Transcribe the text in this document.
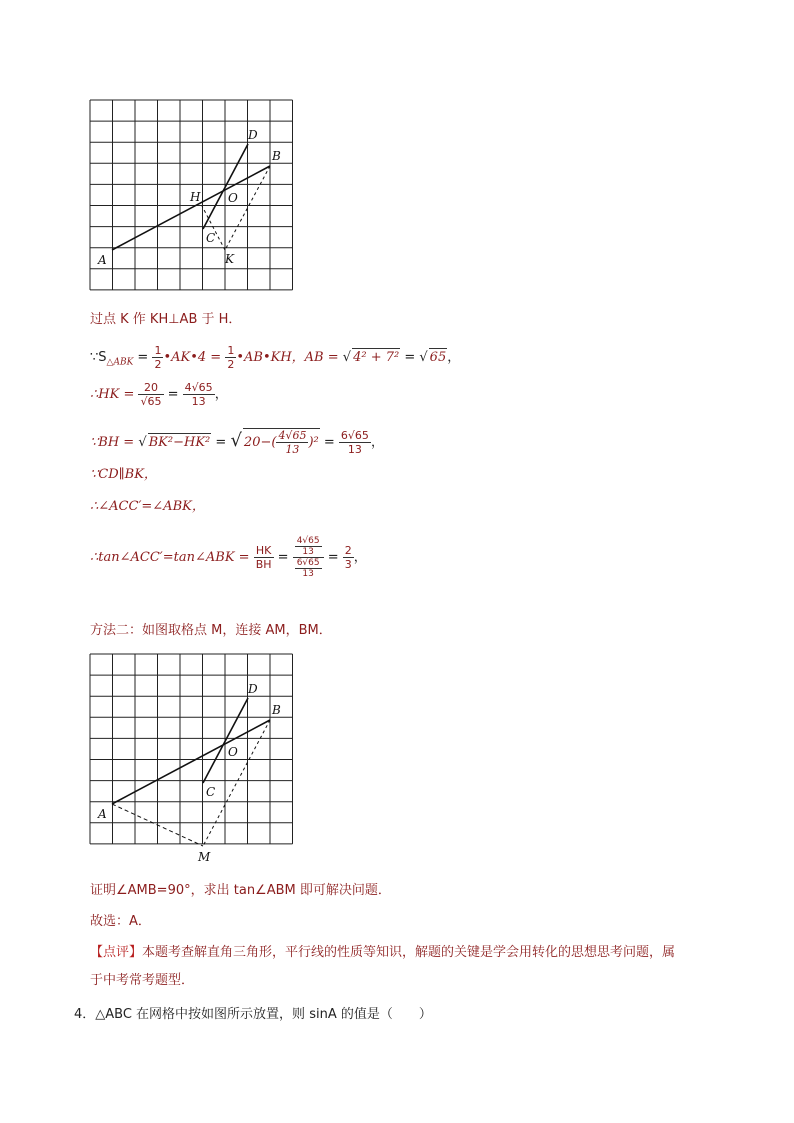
D
B
H O
C
A	K
过点 K 作 KH⊥AB 于 H．
$\because S_{\triangle ABK} = \frac{1}{2}$ •AK•4 = $\frac{1}{2}$ •AB•KH，AB = √ 4² + 7² = √ 65，
∴HK = $\frac{20}{√65} = \frac{4√65}{13}$ ，
∵BH = √ BK²−HK² = √ $20-( \frac{4√65}{13} )^2 = \frac{6√65}{13}$ ，
∵CD∥BK，
∴∠ACC′=∠ABK，
∴tan∠ACC′=tan∠ABK = $\frac{HK}{BH} = \frac{\frac{4√65}{13}}{\frac{6√65}{13}} = \frac{2}{3}$ ，
方法二：如图取格点 M，连接 AM，BM．
D
B
O
C
A
M
证明∠AMB=90°，求出 tan∠ABM 即可解决问题．
故选：A．
【点评】本题考查解直角三角形，平行线的性质等知识，解题的关键是学会用转化的思想思考问题，属
于中考常考题型．
4．△ABC 在网格中按如图所示放置，则 sinA 的值是（　　）
